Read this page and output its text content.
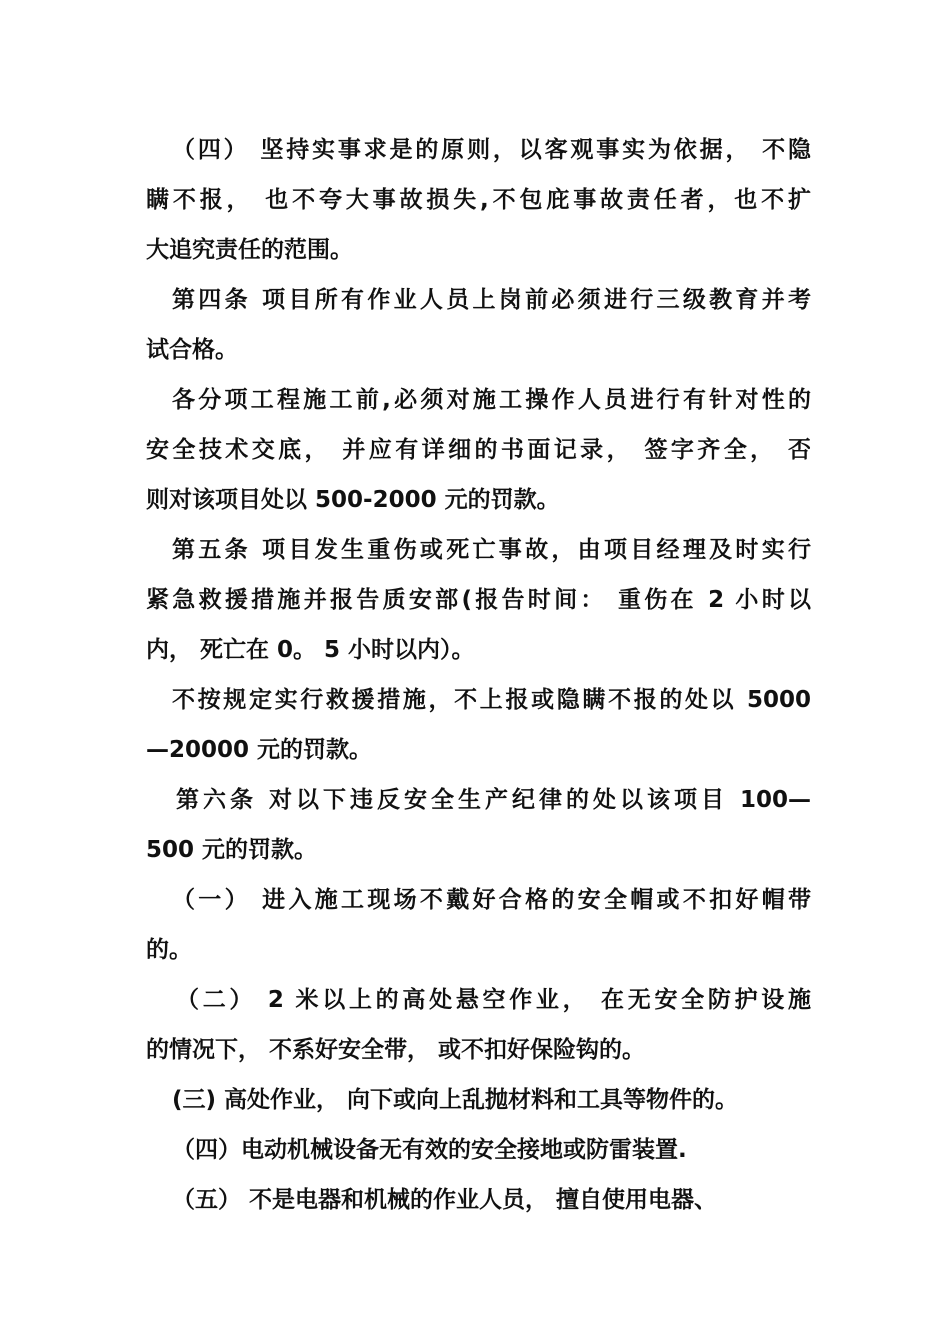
（四） 坚持实事求是的原则，以客观事实为依据， 不隐
瞒不报， 也不夸大事故损失,不包庇事故责任者，也不扩
大追究责任的范围。
第四条 项目所有作业人员上岗前必须进行三级教育并考
试合格。
各分项工程施工前,必须对施工操作人员进行有针对性的
安全技术交底， 并应有详细的书面记录， 签字齐全， 否
则对该项目处以 500-2000 元的罚款。
第五条 项目发生重伤或死亡事故，由项目经理及时实行
紧急救援措施并报告质安部(报告时间： 重伤在 2 小时以
内， 死亡在 0。 5 小时以内）。
不按规定实行救援措施，不上报或隐瞒不报的处以 5000
—20000 元的罚款。
第六条 对以下违反安全生产纪律的处以该项目 100—
500 元的罚款。
（一） 进入施工现场不戴好合格的安全帽或不扣好帽带
的。
（二） 2 米以上的高处悬空作业， 在无安全防护设施
的情况下， 不系好安全带， 或不扣好保险钩的。
(三) 高处作业， 向下或向上乱抛材料和工具等物件的。
（四）电动机械设备无有效的安全接地或防雷装置.
（五） 不是电器和机械的作业人员， 擅自使用电器、
